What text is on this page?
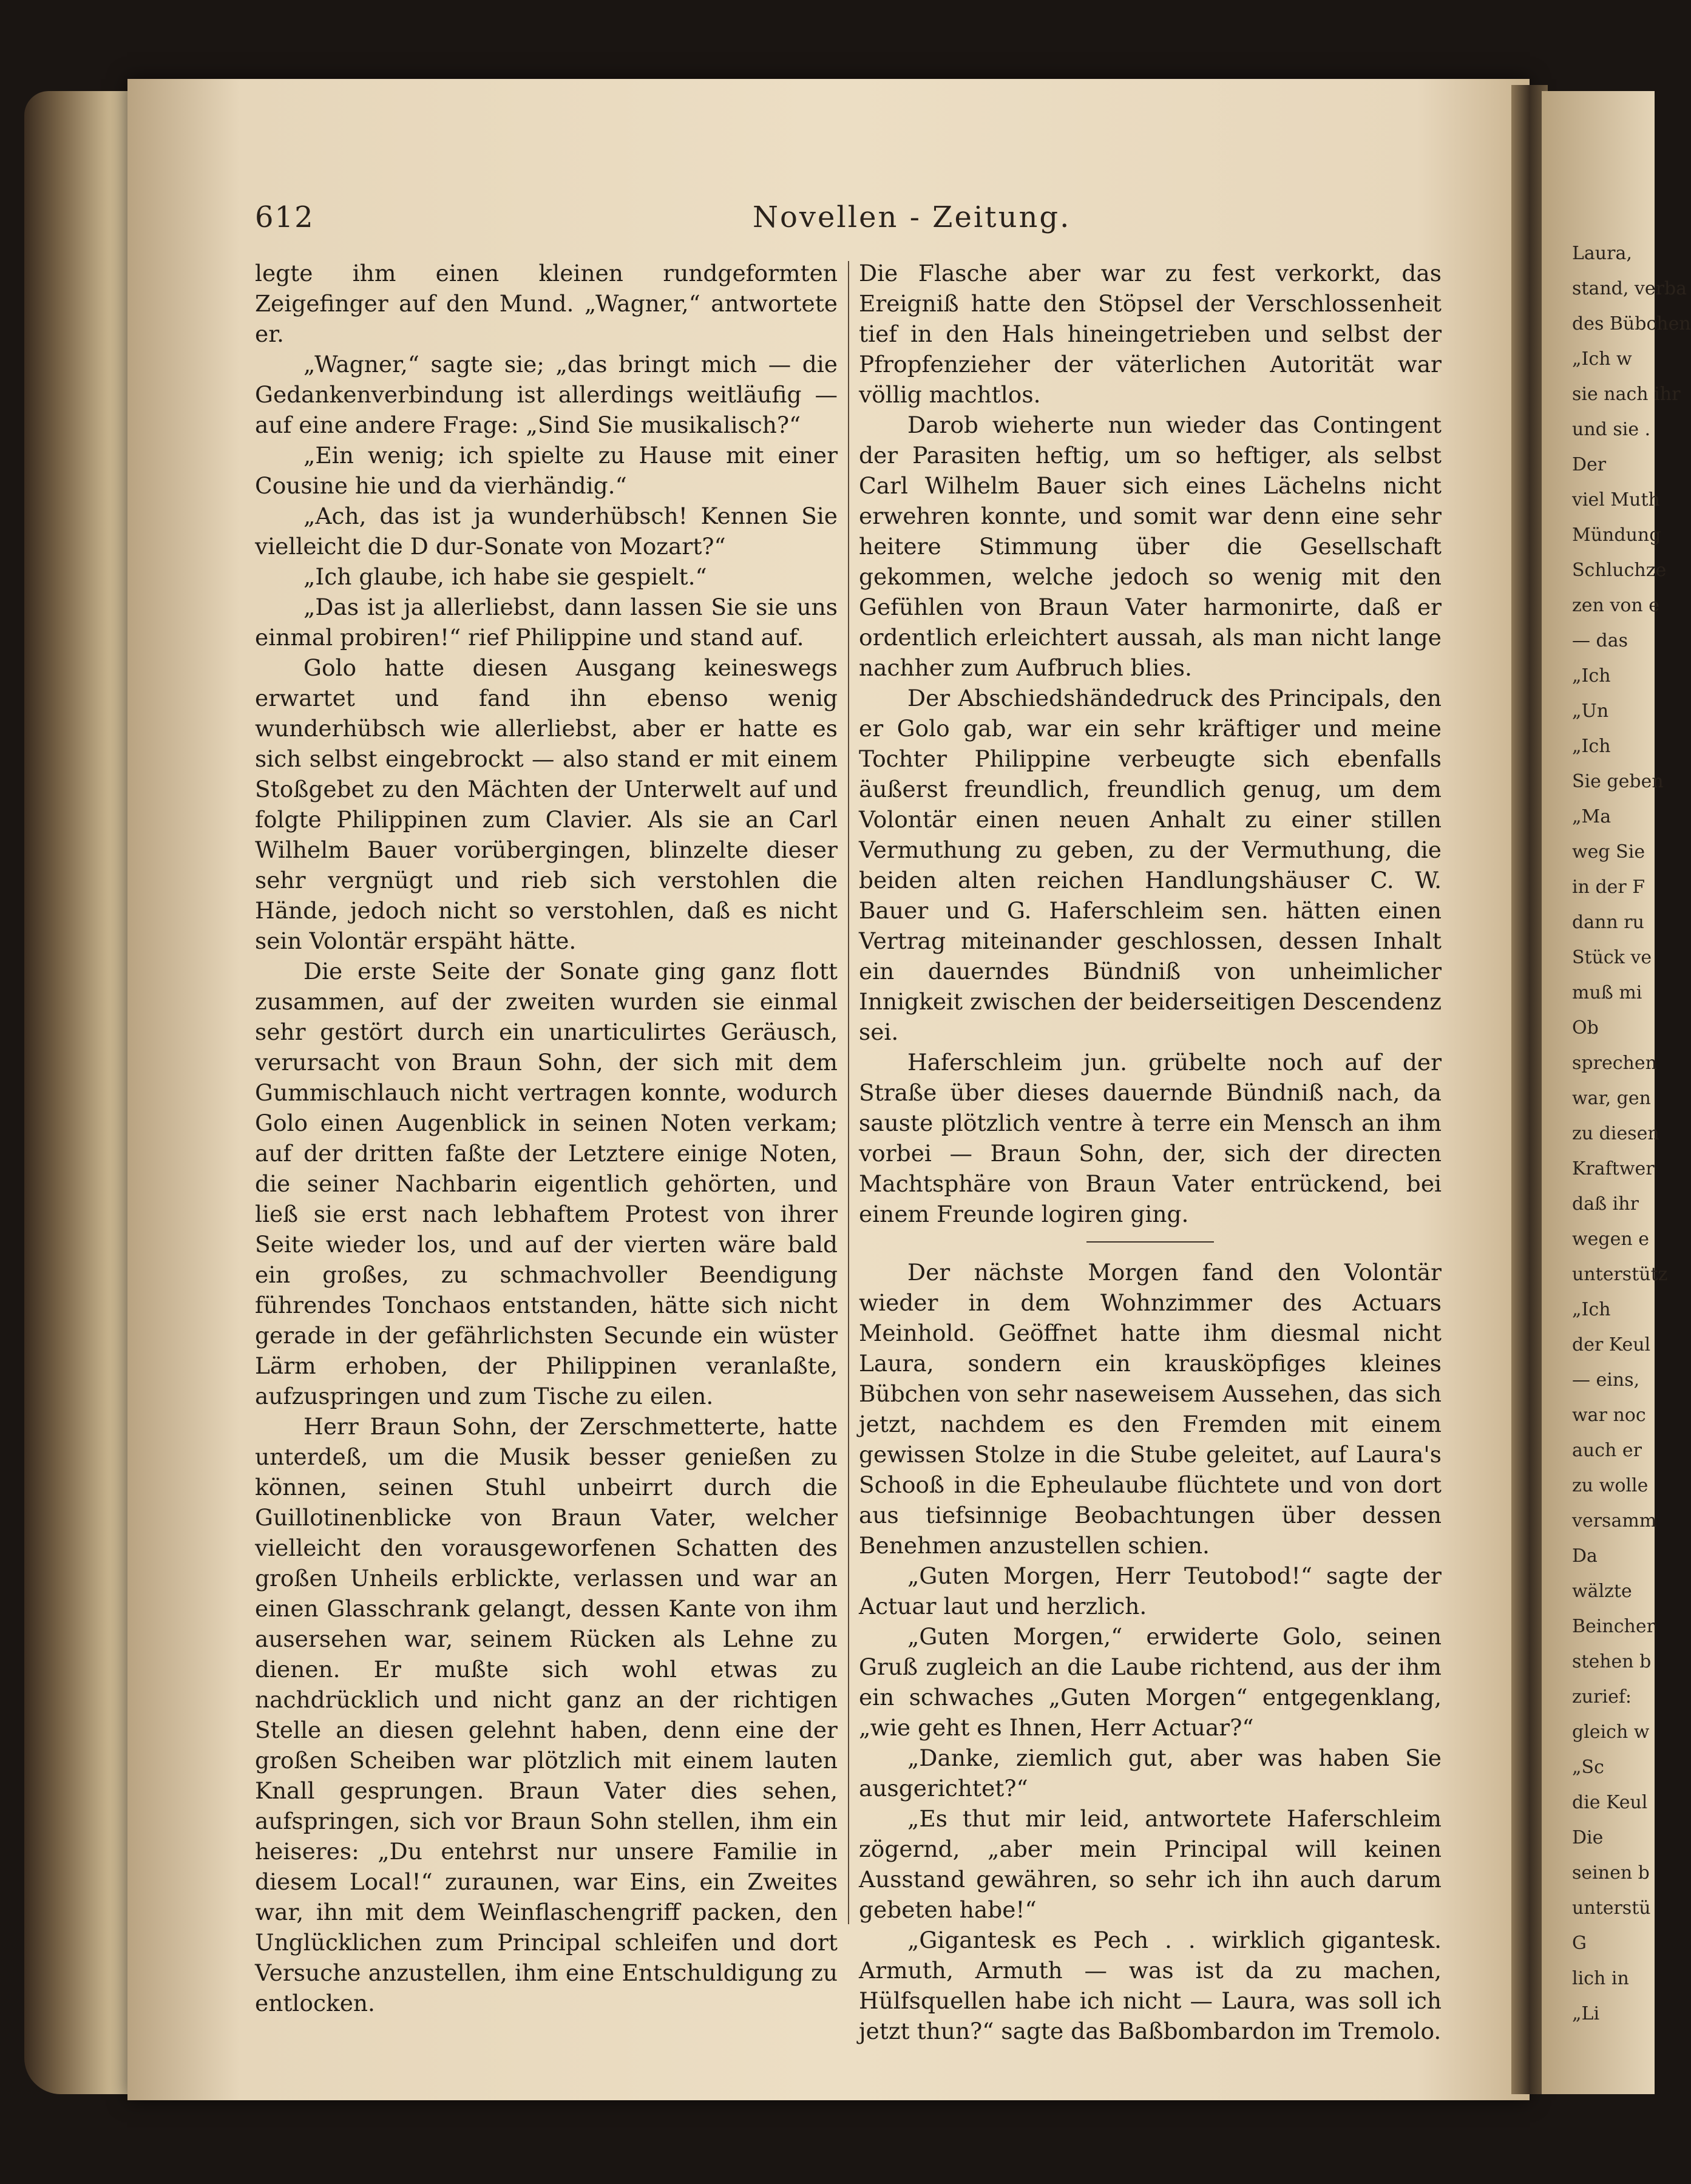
612	Novellen - Zeitung.

legte ihm einen kleinen rundgeformten Zeigefinger auf den Mund. „Wagner,“ antwortete er.

„Wagner,“ sagte sie; „das bringt mich — die Gedankenverbindung ist allerdings weitläufig — auf eine andere Frage: „Sind Sie musikalisch?“

„Ein wenig; ich spielte zu Hause mit einer Cousine hie und da vierhändig.“

„Ach, das ist ja wunderhübsch! Kennen Sie vielleicht die D dur-Sonate von Mozart?“

„Ich glaube, ich habe sie gespielt.“

„Das ist ja allerliebst, dann lassen Sie sie uns einmal probiren!“ rief Philippine und stand auf.

Golo hatte diesen Ausgang keineswegs erwartet und fand ihn ebenso wenig wunderhübsch wie allerliebst, aber er hatte es sich selbst eingebrockt — also stand er mit einem Stoßgebet zu den Mächten der Unterwelt auf und folgte Philippinen zum Clavier. Als sie an Carl Wilhelm Bauer vorübergingen, blinzelte dieser sehr vergnügt und rieb sich verstohlen die Hände, jedoch nicht so verstohlen, daß es nicht sein Volontär erspäht hätte.

Die erste Seite der Sonate ging ganz flott zusammen, auf der zweiten wurden sie einmal sehr gestört durch ein unarticulirtes Geräusch, verursacht von Braun Sohn, der sich mit dem Gummischlauch nicht vertragen konnte, wodurch Golo einen Augenblick in seinen Noten verkam; auf der dritten faßte der Letztere einige Noten, die seiner Nachbarin eigentlich gehörten, und ließ sie erst nach lebhaftem Protest von ihrer Seite wieder los, und auf der vierten wäre bald ein großes, zu schmachvoller Beendigung führendes Tonchaos entstanden, hätte sich nicht gerade in der gefährlichsten Secunde ein wüster Lärm erhoben, der Philippinen veranlaßte, aufzuspringen und zum Tische zu eilen.

Herr Braun Sohn, der Zerschmetterte, hatte unterdeß, um die Musik besser genießen zu können, seinen Stuhl unbeirrt durch die Guillotinenblicke von Braun Vater, welcher vielleicht den vorausgeworfenen Schatten des großen Unheils erblickte, verlassen und war an einen Glasschrank gelangt, dessen Kante von ihm ausersehen war, seinem Rücken als Lehne zu dienen. Er mußte sich wohl etwas zu nachdrücklich und nicht ganz an der richtigen Stelle an diesen gelehnt haben, denn eine der großen Scheiben war plötzlich mit einem lauten Knall gesprungen. Braun Vater dies sehen, aufspringen, sich vor Braun Sohn stellen, ihm ein heiseres: „Du entehrst nur unsere Familie in diesem Local!“ zuraunen, war Eins, ein Zweites war, ihn mit dem Weinflaschengriff packen, den Unglücklichen zum Principal schleifen und dort Versuche anzustellen, ihm eine Entschuldigung zu entlocken.

Die Flasche aber war zu fest verkorkt, das Ereigniß hatte den Stöpsel der Verschlossenheit tief in den Hals hineingetrieben und selbst der Pfropfenzieher der väterlichen Autorität war völlig machtlos.

Darob wieherte nun wieder das Contingent der Parasiten heftig, um so heftiger, als selbst Carl Wilhelm Bauer sich eines Lächelns nicht erwehren konnte, und somit war denn eine sehr heitere Stimmung über die Gesellschaft gekommen, welche jedoch so wenig mit den Gefühlen von Braun Vater harmonirte, daß er ordentlich erleichtert aussah, als man nicht lange nachher zum Aufbruch blies.

Der Abschiedshändedruck des Principals, den er Golo gab, war ein sehr kräftiger und meine Tochter Philippine verbeugte sich ebenfalls äußerst freundlich, freundlich genug, um dem Volontär einen neuen Anhalt zu einer stillen Vermuthung zu geben, zu der Vermuthung, die beiden alten reichen Handlungshäuser C. W. Bauer und G. Haferschleim sen. hätten einen Vertrag miteinander geschlossen, dessen Inhalt ein dauerndes Bündniß von unheimlicher Innigkeit zwischen der beiderseitigen Descendenz sei.

Haferschleim jun. grübelte noch auf der Straße über dieses dauernde Bündniß nach, da sauste plötzlich ventre à terre ein Mensch an ihm vorbei — Braun Sohn, der, sich der directen Machtsphäre von Braun Vater entrückend, bei einem Freunde logiren ging.

Der nächste Morgen fand den Volontär wieder in dem Wohnzimmer des Actuars Meinhold. Geöffnet hatte ihm diesmal nicht Laura, sondern ein krausköpfiges kleines Bübchen von sehr naseweisem Aussehen, das sich jetzt, nachdem es den Fremden mit einem gewissen Stolze in die Stube geleitet, auf Laura's Schooß in die Epheulaube flüchtete und von dort aus tiefsinnige Beobachtungen über dessen Benehmen anzustellen schien.

„Guten Morgen, Herr Teutobod!“ sagte der Actuar laut und herzlich.

„Guten Morgen,“ erwiderte Golo, seinen Gruß zugleich an die Laube richtend, aus der ihm ein schwaches „Guten Morgen“ entgegenklang, „wie geht es Ihnen, Herr Actuar?“

„Danke, ziemlich gut, aber was haben Sie ausgerichtet?“

„Es thut mir leid, antwortete Haferschleim zögernd, „aber mein Principal will keinen Ausstand gewähren, so sehr ich ihn auch darum gebeten habe!“

„Gigantesk es Pech . . wirklich gigantesk. Armuth, Armuth — was ist da zu machen, Hülfsquellen habe ich nicht — Laura, was soll ich jetzt thun?“ sagte das Baßbombardon im Tremolo.

Laura,
stand, verba
des Bübchen
„Ich w
sie nach ihr
und sie .
Der
viel Muth
Mündung
Schluchze
zen von e
— das
„Ich
„Un
„Ich
Sie geben
„Ma
weg Sie
in der F
dann ru
Stück ve
muß mi
Ob
sprechen
war, gen
zu diesen
Kraftwer
daß ihr
wegen e
unterstütz
„Ich
der Keul
— eins,
war noc
auch er
zu wolle
versamm
Da
wälzte
Beincher
stehen b
zurief:
gleich w
„Sc
die Keul
Die
seinen b
unterstü
G
lich in
„Li
